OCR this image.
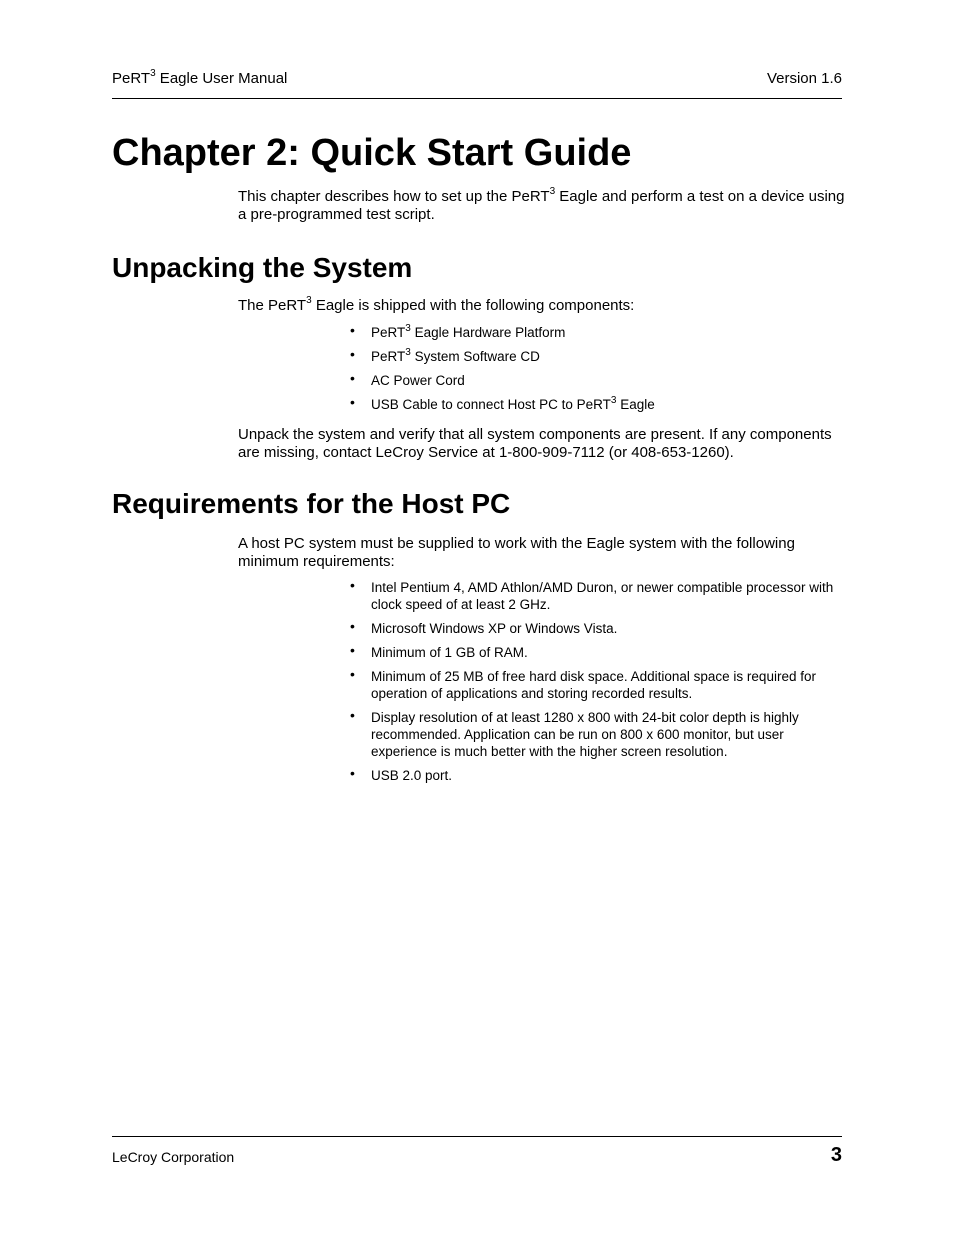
PeRT$^3$ Eagle User Manual	Version 1.6
Chapter 2: Quick Start Guide

This chapter describes how to set up the PeRT$^3$ Eagle and perform a test on a device using a pre-programmed test script.

Unpacking the System

The PeRT$^3$ Eagle is shipped with the following components:

• PeRT$^3$ Eagle Hardware Platform
• PeRT$^3$ System Software CD
• AC Power Cord
• USB Cable to connect Host PC to PeRT$^3$ Eagle

Unpack the system and verify that all system components are present. If any components are missing, contact LeCroy Service at 1-800-909-7112 (or 408-653-1260).

Requirements for the Host PC

A host PC system must be supplied to work with the Eagle system with the following minimum requirements:

• Intel Pentium 4, AMD Athlon/AMD Duron, or newer compatible processor with clock speed of at least 2 GHz.
• Microsoft Windows XP or Windows Vista.
• Minimum of 1 GB of RAM.
• Minimum of 25 MB of free hard disk space. Additional space is required for operation of applications and storing recorded results.
• Display resolution of at least 1280 x 800 with 24-bit color depth is highly recommended. Application can be run on 800 x 600 monitor, but user experience is much better with the higher screen resolution.
• USB 2.0 port.
LeCroy Corporation	3
